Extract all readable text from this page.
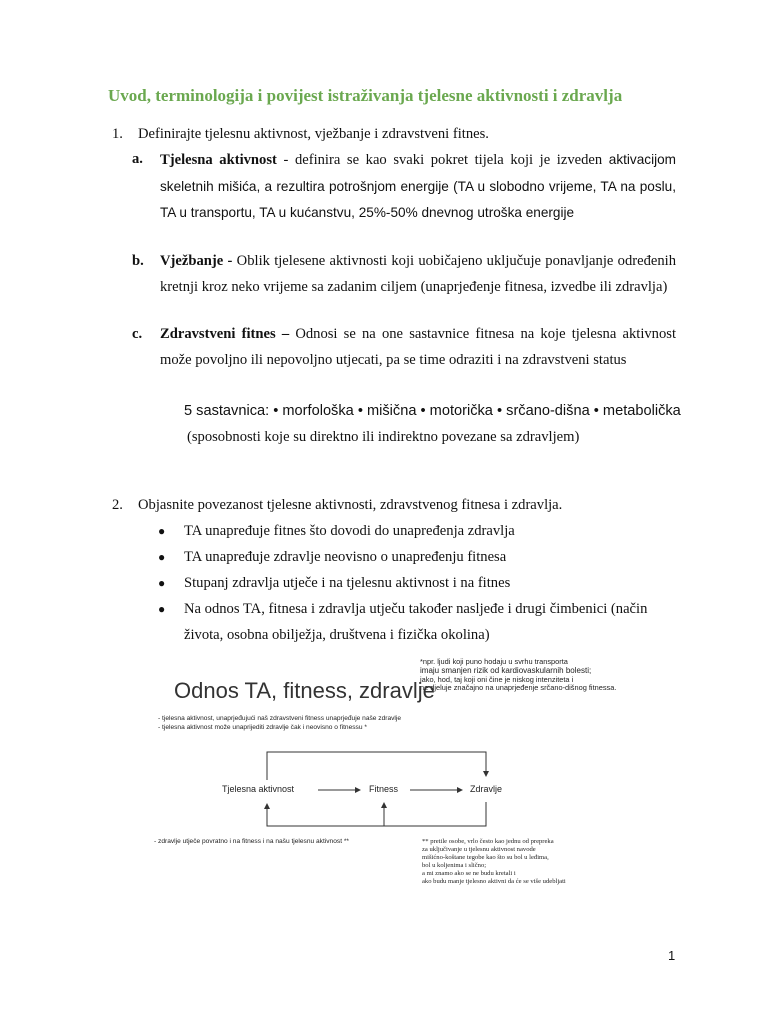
Uvod, terminologija i povijest istraživanja tjelesne aktivnosti i zdravlja
1. Definirajte tjelesnu aktivnost, vježbanje i zdravstveni fitnes.
a. Tjelesna aktivnost - definira se kao svaki pokret tijela koji je izveden aktivacijom skeletnih mišića, a rezultira potrošnjom energije (TA u slobodno vrijeme, TA na poslu, TA u transportu, TA u kućanstvu, 25%-50% dnevnog utroška energije
b. Vježbanje - Oblik tjelesene aktivnosti koji uobičajeno uključuje ponavljanje određenih kretnji kroz neko vrijeme sa zadanim ciljem (unaprjeđenje fitnesa, izvedbe ili zdravlja)
c. Zdravstveni fitnes – Odnosi se na one sastavnice fitnesa na koje tjelesna aktivnost može povoljno ili nepovoljno utjecati, pa se time odraziti i na zdravstveni status
5 sastavnica: • morfološka • mišična • motorička • srčano-dišna • metabolička
(sposobnosti koje su direktno ili indirektno povezane sa zdravljem)
2. Objasnite povezanost tjelesne aktivnosti, zdravstvenog fitnesa i zdravlja.
● TA unapređuje fitnes što dovodi do unapređenja zdravlja
● TA unapređuje zdravlje neovisno o unapređenju fitnesa
● Stupanj zdravlja utječe i na tjelesnu aktivnost i na fitnes
● Na odnos TA, fitnesa i zdravlja utječu također nasljeđe i drugi čimbenici (način života, osobna obilježja, društvena i fizička okolina)
*npr. ljudi koji puno hodaju u svrhu transporta
imaju smanjen rizik od kardiovaskularnih bolesti;
iako, hod, taj koji oni čine je niskog intenziteta i
ne djeluje značajno na unaprjeđenje srčano-dišnog fitnessa.
Odnos TA, fitness, zdravlje
- tjelesna aktivnost, unaprjeđujući naš zdravstveni fitness unaprjeđuje naše zdravlje
- tjelesna aktivnost može unaprijediti zdravlje čak i neovisno o fitnessu *
Tjelesna aktivnost	Fitness	Zdravlje
- zdravlje utječe povratno i na fitness i na našu tjelesnu aktivnost **	** pretile osobe, vrlo često kao jednu od prepreka
za uključivanje u tjelesnu aktivnost navode
mišićno-koštane tegobe kao što su bol u leđima,
bol u koljenima i slično;
a mi znamo ako se ne budu kretali i
ako budu manje tjelesno aktivni da će se više udebljati
1
